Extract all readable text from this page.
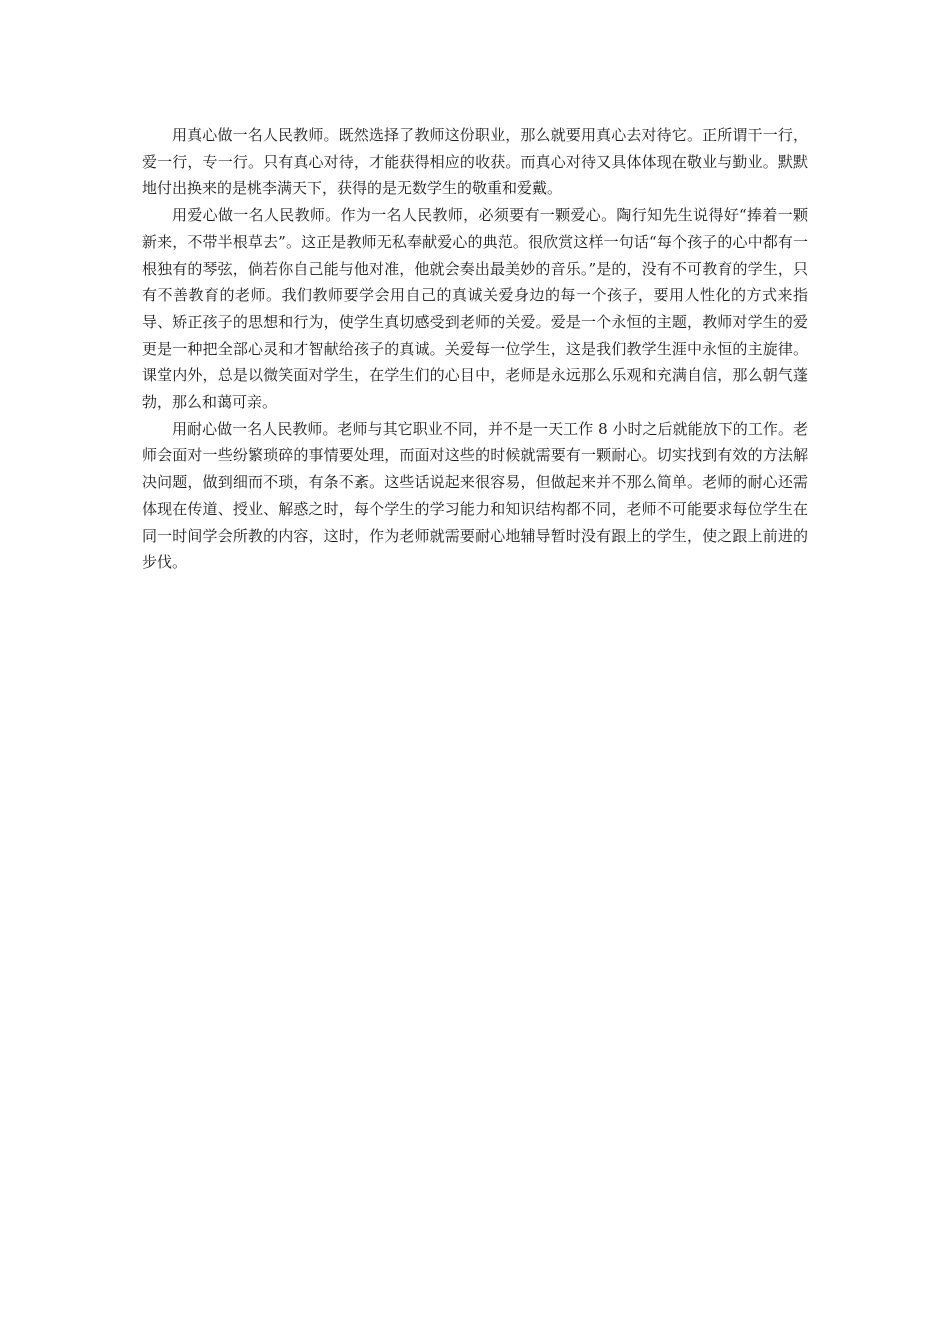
用真心做一名人民教师。既然选择了教师这份职业，那么就要用真心去对待它。正所谓干一行，爱一行，专一行。只有真心对待，才能获得相应的收获。而真心对待又具体体现在敬业与勤业。默默地付出换来的是桃李满天下，获得的是无数学生的敬重和爱戴。

用爱心做一名人民教师。作为一名人民教师，必须要有一颗爱心。陶行知先生说得好“捧着一颗新来，不带半根草去”。这正是教师无私奉献爱心的典范。很欣赏这样一句话“每个孩子的心中都有一根独有的琴弦，倘若你自己能与他对准，他就会奏出最美妙的音乐。”是的，没有不可教育的学生，只有不善教育的老师。我们教师要学会用自己的真诚关爱身边的每一个孩子，要用人性化的方式来指导、矫正孩子的思想和行为，使学生真切感受到老师的关爱。爱是一个永恒的主题，教师对学生的爱更是一种把全部心灵和才智献给孩子的真诚。关爱每一位学生，这是我们教学生涯中永恒的主旋律。课堂内外，总是以微笑面对学生，在学生们的心目中，老师是永远那么乐观和充满自信，那么朝气蓬勃，那么和蔼可亲。

用耐心做一名人民教师。老师与其它职业不同，并不是一天工作 8 小时之后就能放下的工作。老师会面对一些纷繁琐碎的事情要处理，而面对这些的时候就需要有一颗耐心。切实找到有效的方法解决问题，做到细而不琐，有条不紊。这些话说起来很容易，但做起来并不那么简单。老师的耐心还需体现在传道、授业、解惑之时，每个学生的学习能力和知识结构都不同，老师不可能要求每位学生在同一时间学会所教的内容，这时，作为老师就需要耐心地辅导暂时没有跟上的学生，使之跟上前进的步伐。
